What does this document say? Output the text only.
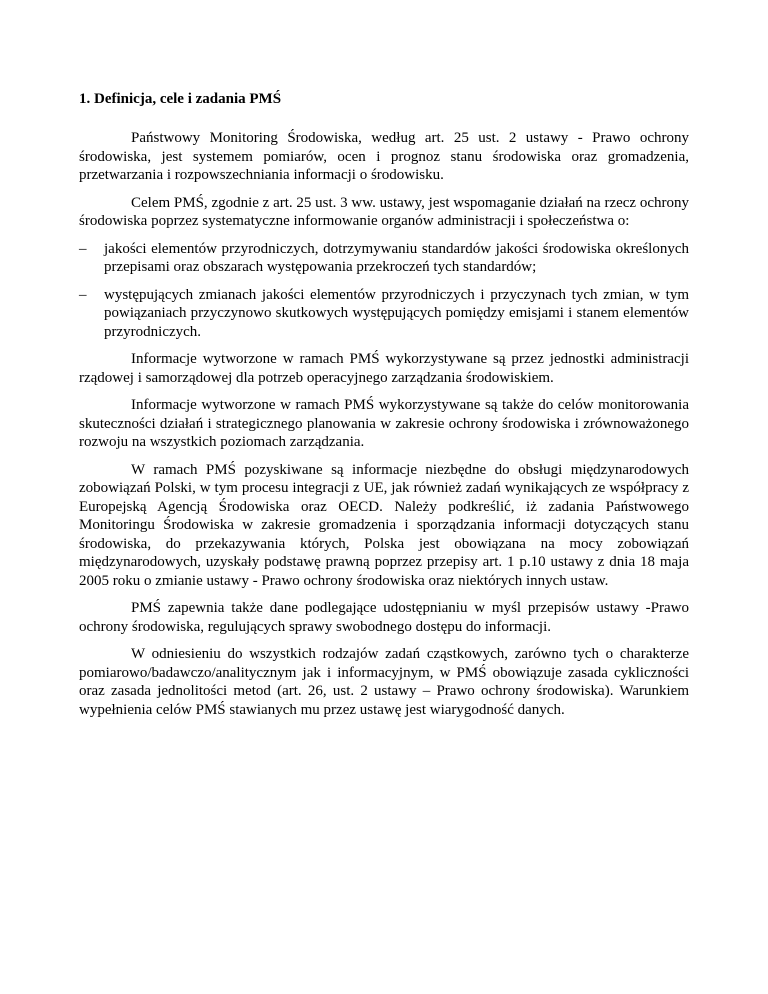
1. Definicja, cele i zadania PMŚ

Państwowy Monitoring Środowiska, według art. 25 ust. 2 ustawy - Prawo ochrony środowiska, jest systemem pomiarów, ocen i prognoz stanu środowiska oraz gromadzenia, przetwarzania i rozpowszechniania informacji o środowisku.

Celem PMŚ, zgodnie z art. 25 ust. 3 ww. ustawy, jest wspomaganie działań na rzecz ochrony środowiska poprzez systematyczne informowanie organów administracji i społeczeństwa o:

– jakości elementów przyrodniczych, dotrzymywaniu standardów jakości środowiska określonych przepisami oraz obszarach występowania przekroczeń tych standardów;
– występujących zmianach jakości elementów przyrodniczych i przyczynach tych zmian, w tym powiązaniach przyczynowo skutkowych występujących pomiędzy emisjami i stanem elementów przyrodniczych.

Informacje wytworzone w ramach PMŚ wykorzystywane są przez jednostki administracji rządowej i samorządowej dla potrzeb operacyjnego zarządzania środowiskiem.

Informacje wytworzone w ramach PMŚ wykorzystywane są także do celów monitorowania skuteczności działań i strategicznego planowania w zakresie ochrony środowiska i zrównoważonego rozwoju na wszystkich poziomach zarządzania.

W ramach PMŚ pozyskiwane są informacje niezbędne do obsługi międzynarodowych zobowiązań Polski, w tym procesu integracji z UE, jak również zadań wynikających ze współpracy z Europejską Agencją Środowiska oraz OECD. Należy podkreślić, iż zadania Państwowego Monitoringu Środowiska w zakresie gromadzenia i sporządzania informacji dotyczących stanu środowiska, do przekazywania których, Polska jest obowiązana na mocy zobowiązań międzynarodowych, uzyskały podstawę prawną poprzez przepisy art. 1 p.10 ustawy z dnia 18 maja 2005 roku o zmianie ustawy - Prawo ochrony środowiska oraz niektórych innych ustaw.

PMŚ zapewnia także dane podlegające udostępnianiu w myśl przepisów ustawy -Prawo ochrony środowiska, regulujących sprawy swobodnego dostępu do informacji.

W odniesieniu do wszystkich rodzajów zadań cząstkowych, zarówno tych o charakterze pomiarowo/badawczo/analitycznym jak i informacyjnym, w PMŚ obowiązuje zasada cykliczności oraz zasada jednolitości metod (art. 26, ust. 2 ustawy – Prawo ochrony środowiska). Warunkiem wypełnienia celów PMŚ stawianych mu przez ustawę jest wiarygodność danych.
